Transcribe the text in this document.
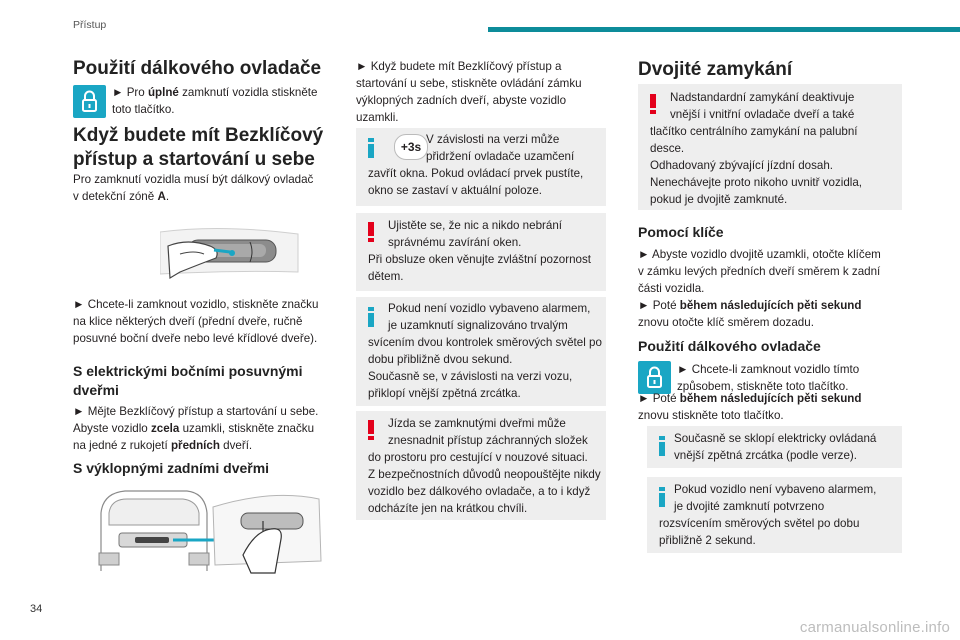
Přístup
Použití dálkového ovladače
► Pro úplné zamknutí vozidla stiskněte
toto tlačítko.
Když budete mít Bezklíčový
přístup a startování u sebe
Pro zamknutí vozidla musí být dálkový ovladač
v detekční zóně A.
► Chcete-li zamknout vozidlo, stiskněte značku
na klice některých dveří (přední dveře, ručně
posuvné boční dveře nebo levé křídlové dveře).
S elektrickými bočními posuvnými
dveřmi
► Mějte Bezklíčový přístup a startování u sebe.
Abyste vozidlo zcela uzamkli, stiskněte značku
na jedné z rukojetí předních dveří.
S výklopnými zadními dveřmi
► Když budete mít Bezklíčový přístup a
startování u sebe, stiskněte ovládání zámku
výklopných zadních dveří, abyste vozidlo
uzamkli.
+3s
V závislosti na verzi může
přidržení ovladače uzamčení
zavřít okna. Pokud ovládací prvek pustíte,
okno se zastaví v aktuální poloze.
Ujistěte se, že nic a nikdo nebrání
správnému zavírání oken.
Při obsluze oken věnujte zvláštní pozornost
dětem.
Pokud není vozidlo vybaveno alarmem,
je uzamknutí signalizováno trvalým
svícením dvou kontrolek směrových světel po
dobu přibližně dvou sekund.
Současně se, v závislosti na verzi vozu,
přiklopí vnější zpětná zrcátka.
Jízda se zamknutými dveřmi může
znesnadnit přístup záchranných složek
do prostoru pro cestující v nouzové situaci.
Z bezpečnostních důvodů neopouštějte nikdy
vozidlo bez dálkového ovladače, a to i když
odcházíte jen na krátkou chvíli.
Dvojité zamykání
Nadstandardní zamykání deaktivuje
vnější i vnitřní ovladače dveří a také
tlačítko centrálního zamykání na palubní
desce.
Odhadovaný zbývající jízdní dosah.
Nenechávejte proto nikoho uvnitř vozidla,
pokud je dvojitě zamknuté.
Pomocí klíče
► Abyste vozidlo dvojitě uzamkli, otočte klíčem
v zámku levých předních dveří směrem k zadní
části vozidla.
► Poté během následujících pěti sekund
znovu otočte klíč směrem dozadu.
Použití dálkového ovladače
► Chcete-li zamknout vozidlo tímto
způsobem, stiskněte toto tlačítko.
► Poté během následujících pěti sekund
znovu stiskněte toto tlačítko.
Současně se sklopí elektricky ovládaná
vnější zpětná zrcátka (podle verze).
Pokud vozidlo není vybaveno alarmem,
je dvojité zamknutí potvrzeno
rozsvícením směrových světel po dobu
přibližně 2 sekund.
34
carmanualsonline.info
